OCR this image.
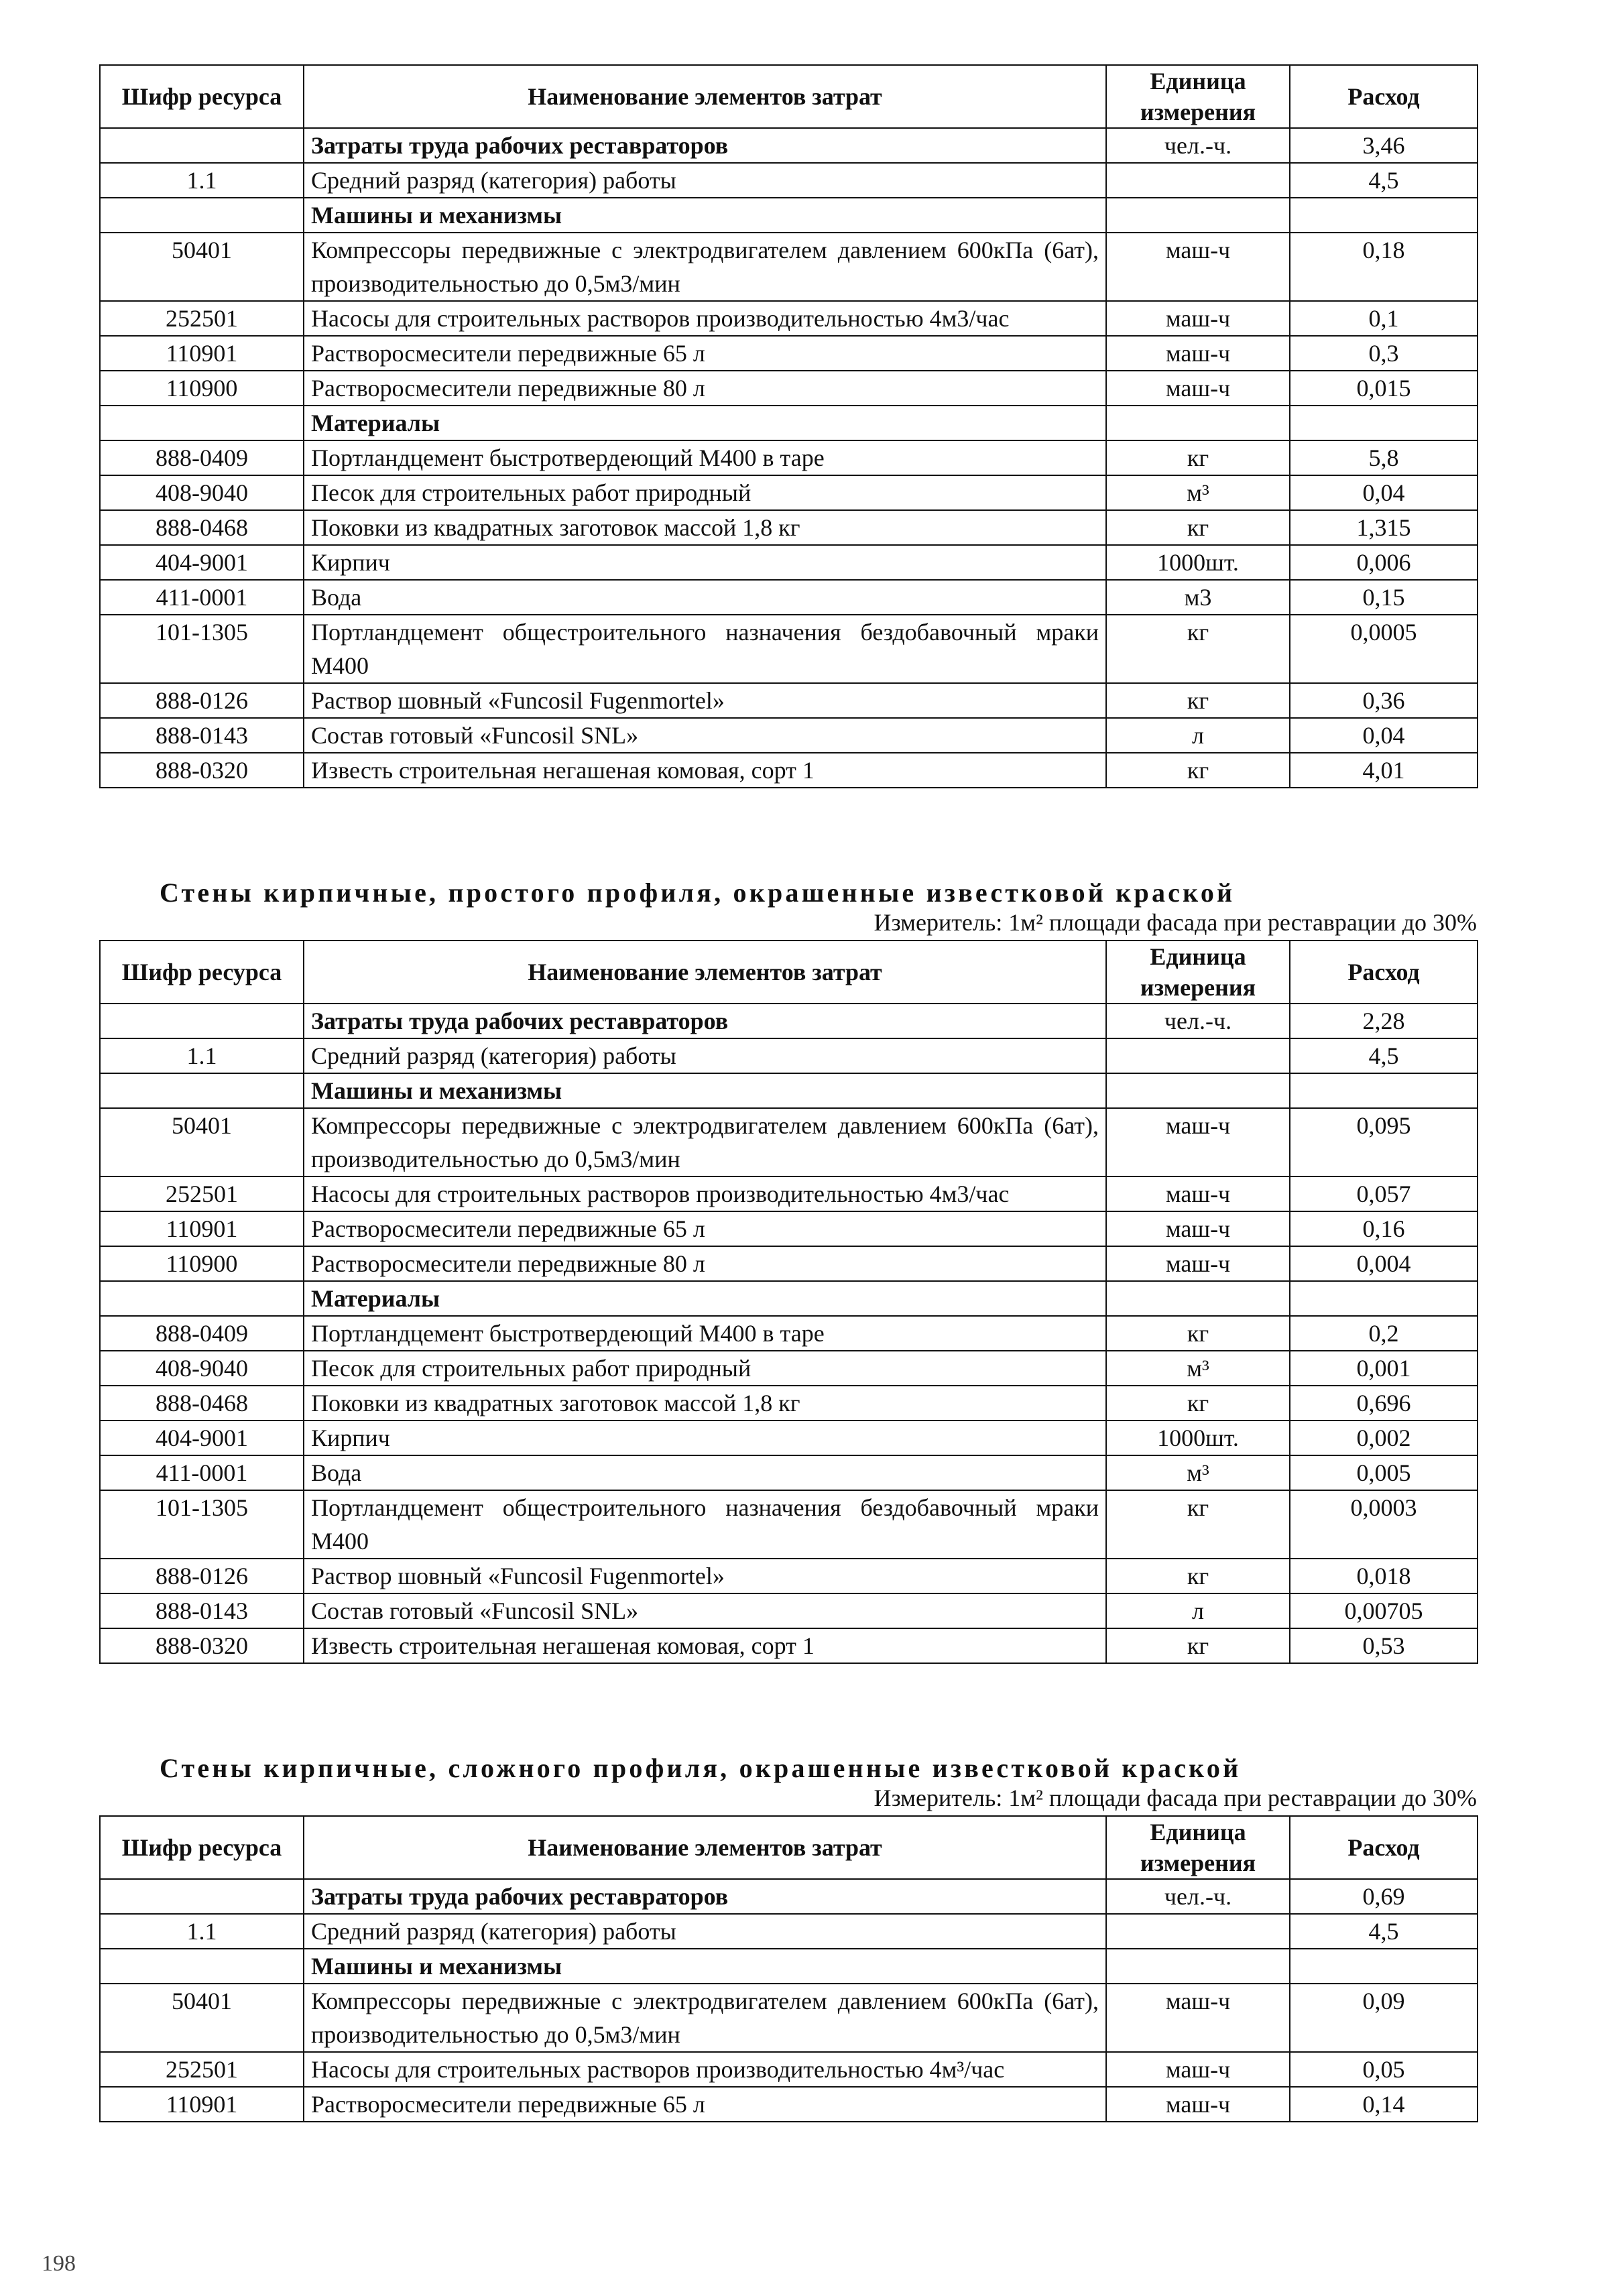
Шифр ресурса	Наименование элементов затрат	Единица измерения	Расход
	Затраты труда рабочих реставраторов	чел.-ч.	3,46
1.1	Средний разряд (категория) работы		4,5
	Машины и механизмы		
50401	Компрессоры передвижные с электродвигателем давлением 600кПа (6ат), производительностью до 0,5м3/мин	маш-ч	0,18
252501	Насосы для строительных растворов производительностью 4м3/час	маш-ч	0,1
110901	Растворосмесители передвижные 65 л	маш-ч	0,3
110900	Растворосмесители передвижные 80 л	маш-ч	0,015
	Материалы		
888-0409	Портландцемент быстротвердеющий М400 в таре	кг	5,8
408-9040	Песок для строительных работ природный	м³	0,04
888-0468	Поковки из квадратных заготовок массой 1,8 кг	кг	1,315
404-9001	Кирпич	1000шт.	0,006
411-0001	Вода	м3	0,15
101-1305	Портландцемент общестроительного назначения бездобавочный мраки М400	кг	0,0005
888-0126	Раствор шовный «Funcosil Fugenmortel»	кг	0,36
888-0143	Состав готовый «Funcosil SNL»	л	0,04
888-0320	Известь строительная негашеная комовая, сорт 1	кг	4,01
Стены кирпичные, простого профиля, окрашенные известковой краской
Измеритель: 1м² площади фасада при реставрации до 30%
Шифр ресурса	Наименование элементов затрат	Единица измерения	Расход
	Затраты труда рабочих реставраторов	чел.-ч.	2,28
1.1	Средний разряд (категория) работы		4,5
	Машины и механизмы		
50401	Компрессоры передвижные с электродвигателем давлением 600кПа (6ат), производительностью до 0,5м3/мин	маш-ч	0,095
252501	Насосы для строительных растворов производительностью 4м3/час	маш-ч	0,057
110901	Растворосмесители передвижные 65 л	маш-ч	0,16
110900	Растворосмесители передвижные 80 л	маш-ч	0,004
	Материалы		
888-0409	Портландцемент быстротвердеющий М400 в таре	кг	0,2
408-9040	Песок для строительных работ природный	м³	0,001
888-0468	Поковки из квадратных заготовок массой 1,8 кг	кг	0,696
404-9001	Кирпич	1000шт.	0,002
411-0001	Вода	м³	0,005
101-1305	Портландцемент общестроительного назначения бездобавочный мраки М400	кг	0,0003
888-0126	Раствор шовный «Funcosil Fugenmortel»	кг	0,018
888-0143	Состав готовый «Funcosil SNL»	л	0,00705
888-0320	Известь строительная негашеная комовая, сорт 1	кг	0,53
Стены кирпичные, сложного профиля, окрашенные известковой краской
Измеритель: 1м² площади фасада при реставрации до 30%
Шифр ресурса	Наименование элементов затрат	Единица измерения	Расход
	Затраты труда рабочих реставраторов	чел.-ч.	0,69
1.1	Средний разряд (категория) работы		4,5
	Машины и механизмы		
50401	Компрессоры передвижные с электродвигателем давлением 600кПа (6ат), производительностью до 0,5м3/мин	маш-ч	0,09
252501	Насосы для строительных растворов производительностью 4м³/час	маш-ч	0,05
110901	Растворосмесители передвижные 65 л	маш-ч	0,14
198
